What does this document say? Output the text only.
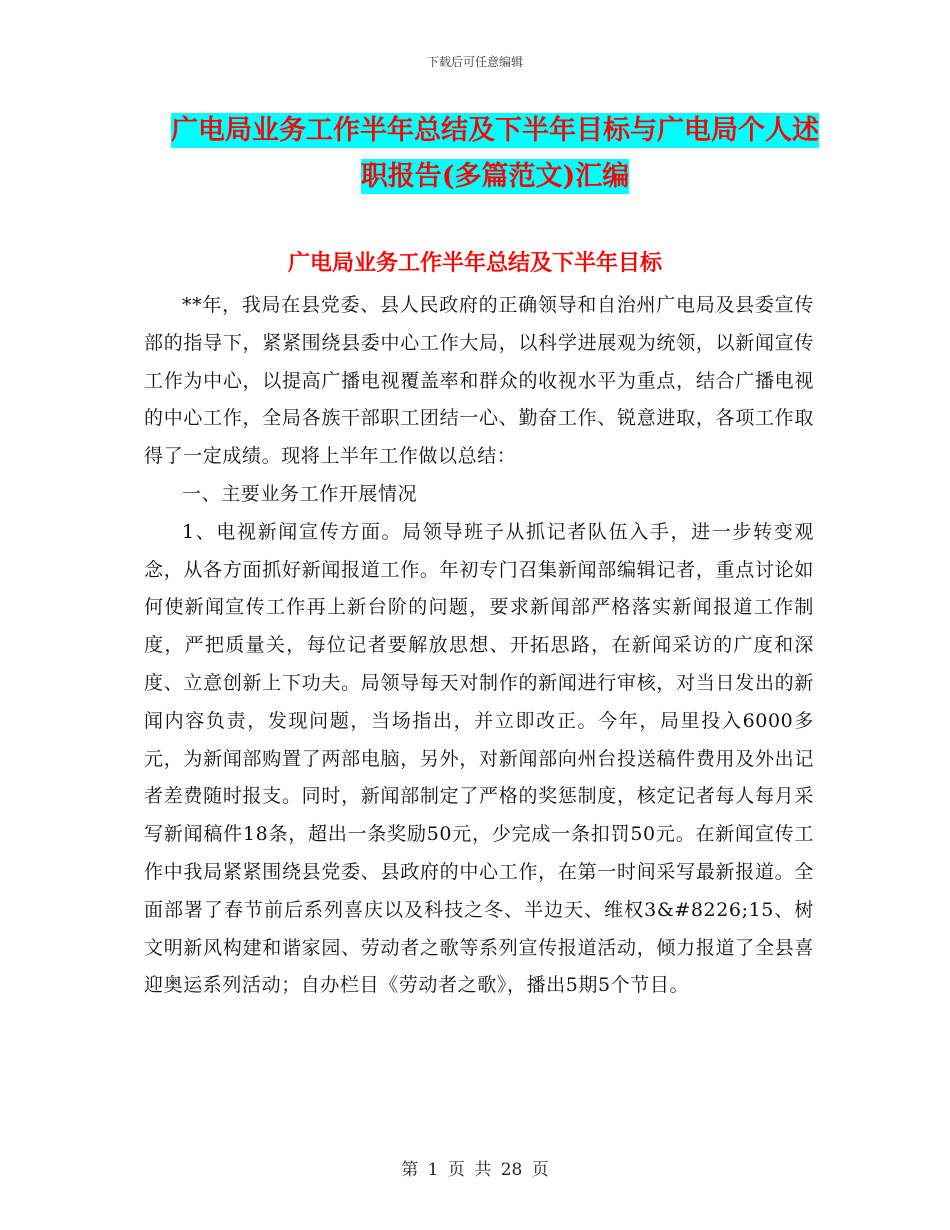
下载后可任意编辑
广电局业务工作半年总结及下半年目标与广电局个人述职报告(多篇范文)汇编
广电局业务工作半年总结及下半年目标

**年，我局在县党委、县人民政府的正确领导和自治州广电局及县委宣传部的指导下，紧紧围绕县委中心工作大局，以科学进展观为统领，以新闻宣传工作为中心，以提高广播电视覆盖率和群众的收视水平为重点，结合广播电视的中心工作，全局各族干部职工团结一心、勤奋工作、锐意进取，各项工作取得了一定成绩。现将上半年工作做以总结：

一、主要业务工作开展情况

1、电视新闻宣传方面。局领导班子从抓记者队伍入手，进一步转变观念，从各方面抓好新闻报道工作。年初专门召集新闻部编辑记者，重点讨论如何使新闻宣传工作再上新台阶的问题，要求新闻部严格落实新闻报道工作制度，严把质量关，每位记者要解放思想、开拓思路，在新闻采访的广度和深度、立意创新上下功夫。局领导每天对制作的新闻进行审核，对当日发出的新闻内容负责，发现问题，当场指出，并立即改正。今年，局里投入6000多元，为新闻部购置了两部电脑，另外，对新闻部向州台投送稿件费用及外出记者差费随时报支。同时，新闻部制定了严格的奖惩制度，核定记者每人每月采写新闻稿件18条，超出一条奖励50元，少完成一条扣罚50元。在新闻宣传工作中我局紧紧围绕县党委、县政府的中心工作，在第一时间采写最新报道。全面部署了春节前后系列喜庆以及科技之冬、半边天、维权3&#8226;15、树文明新风构建和谐家园、劳动者之歌等系列宣传报道活动，倾力报道了全县喜迎奥运系列活动；自办栏目《劳动者之歌》，播出5期5个节目。

第 1 页 共 28 页
